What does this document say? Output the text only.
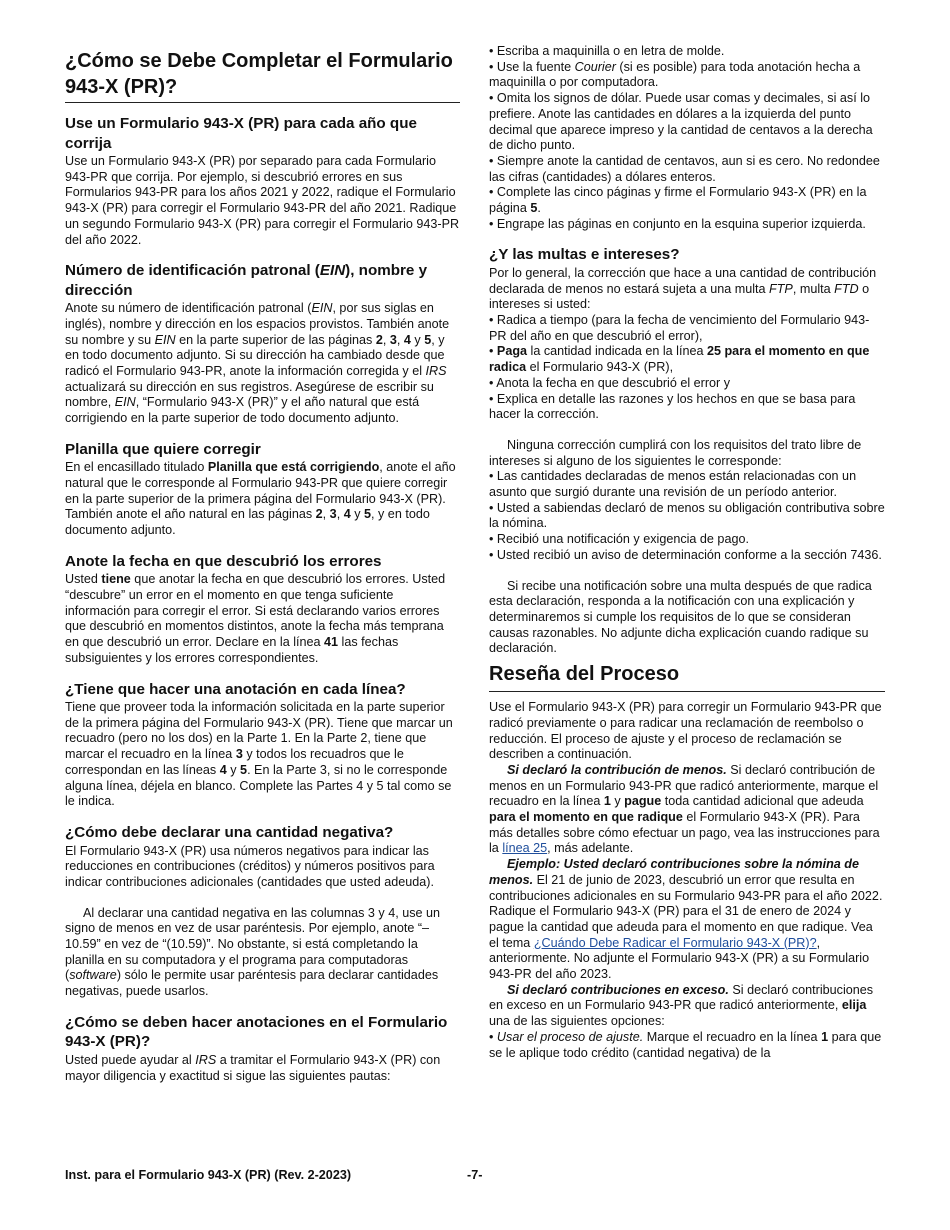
¿Cómo se Debe Completar el Formulario 943-X (PR)?
Use un Formulario 943-X (PR) para cada año que corrija

Use un Formulario 943-X (PR) por separado para cada Formulario 943-PR que corrija. Por ejemplo, si descubrió errores en sus Formularios 943-PR para los años 2021 y 2022, radique el Formulario 943-X (PR) para corregir el Formulario 943-PR del año 2021. Radique un segundo Formulario 943-X (PR) para corregir el Formulario 943-PR del año 2022.

Número de identificación patronal (EIN), nombre y dirección

Anote su número de identificación patronal (EIN, por sus siglas en inglés), nombre y dirección en los espacios provistos. También anote su nombre y su EIN en la parte superior de las páginas 2, 3, 4 y 5, y en todo documento adjunto. Si su dirección ha cambiado desde que radicó el Formulario 943-PR, anote la información corregida y el IRS actualizará su dirección en sus registros. Asegúrese de escribir su nombre, EIN, “Formulario 943-X (PR)” y el año natural que está corrigiendo en la parte superior de todo documento adjunto.

Planilla que quiere corregir

En el encasillado titulado Planilla que está corrigiendo, anote el año natural que le corresponde al Formulario 943-PR que quiere corregir en la parte superior de la primera página del Formulario 943-X (PR). También anote el año natural en las páginas 2, 3, 4 y 5, y en todo documento adjunto.

Anote la fecha en que descubrió los errores

Usted tiene que anotar la fecha en que descubrió los errores. Usted “descubre” un error en el momento en que tenga suficiente información para corregir el error. Si está declarando varios errores que descubrió en momentos distintos, anote la fecha más temprana en que descubrió un error. Declare en la línea 41 las fechas subsiguientes y los errores correspondientes.

¿Tiene que hacer una anotación en cada línea?

Tiene que proveer toda la información solicitada en la parte superior de la primera página del Formulario 943-X (PR). Tiene que marcar un recuadro (pero no los dos) en la Parte 1. En la Parte 2, tiene que marcar el recuadro en la línea 3 y todos los recuadros que le correspondan en las líneas 4 y 5. En la Parte 3, si no le corresponde alguna línea, déjela en blanco. Complete las Partes 4 y 5 tal como se le indica.

¿Cómo debe declarar una cantidad negativa?

El Formulario 943-X (PR) usa números negativos para indicar las reducciones en contribuciones (créditos) y números positivos para indicar contribuciones adicionales (cantidades que usted adeuda).

Al declarar una cantidad negativa en las columnas 3 y 4, use un signo de menos en vez de usar paréntesis. Por ejemplo, anote “–10.59” en vez de “(10.59)”. No obstante, si está completando la planilla en su computadora y el programa para computadoras (software) sólo le permite usar paréntesis para declarar cantidades negativas, puede usarlos.

¿Cómo se deben hacer anotaciones en el Formulario 943-X (PR)?

Usted puede ayudar al IRS a tramitar el Formulario 943-X (PR) con mayor diligencia y exactitud si sigue las siguientes pautas:

• Escriba a maquinilla o en letra de molde.

• Use la fuente Courier (si es posible) para toda anotación hecha a maquinilla o por computadora.

• Omita los signos de dólar. Puede usar comas y decimales, si así lo prefiere. Anote las cantidades en dólares a la izquierda del punto decimal que aparece impreso y la cantidad de centavos a la derecha de dicho punto.

• Siempre anote la cantidad de centavos, aun si es cero. No redondee las cifras (cantidades) a dólares enteros.

• Complete las cinco páginas y firme el Formulario 943-X (PR) en la página 5.

• Engrape las páginas en conjunto en la esquina superior izquierda.

¿Y las multas e intereses?

Por lo general, la corrección que hace a una cantidad de contribución declarada de menos no estará sujeta a una multa FTP, multa FTD o intereses si usted:

• Radica a tiempo (para la fecha de vencimiento del Formulario 943-PR del año en que descubrió el error),

• Paga la cantidad indicada en la línea 25 para el momento en que radica el Formulario 943-X (PR),

• Anota la fecha en que descubrió el error y

• Explica en detalle las razones y los hechos en que se basa para hacer la corrección.

Ninguna corrección cumplirá con los requisitos del trato libre de intereses si alguno de los siguientes le corresponde:

• Las cantidades declaradas de menos están relacionadas con un asunto que surgió durante una revisión de un período anterior.

• Usted a sabiendas declaró de menos su obligación contributiva sobre la nómina.

• Recibió una notificación y exigencia de pago.

• Usted recibió un aviso de determinación conforme a la sección 7436.

Si recibe una notificación sobre una multa después de que radica esta declaración, responda a la notificación con una explicación y determinaremos si cumple los requisitos de lo que se consideran causas razonables. No adjunte dicha explicación cuando radique su declaración.

Reseña del Proceso

Use el Formulario 943-X (PR) para corregir un Formulario 943-PR que radicó previamente o para radicar una reclamación de reembolso o reducción. El proceso de ajuste y el proceso de reclamación se describen a continuación.

Si declaró la contribución de menos. Si declaró contribución de menos en un Formulario 943-PR que radicó anteriormente, marque el recuadro en la línea 1 y pague toda cantidad adicional que adeuda para el momento en que radique el Formulario 943-X (PR). Para más detalles sobre cómo efectuar un pago, vea las instrucciones para la línea 25, más adelante.

Ejemplo: Usted declaró contribuciones sobre la nómina de menos. El 21 de junio de 2023, descubrió un error que resulta en contribuciones adicionales en su Formulario 943-PR para el año 2022. Radique el Formulario 943-X (PR) para el 31 de enero de 2024 y pague la cantidad que adeuda para el momento en que radique. Vea el tema ¿Cuándo Debe Radicar el Formulario 943-X (PR)?, anteriormente. No adjunte el Formulario 943-X (PR) a su Formulario 943-PR del año 2023.

Si declaró contribuciones en exceso. Si declaró contribuciones en exceso en un Formulario 943-PR que radicó anteriormente, elija una de las siguientes opciones:

• Usar el proceso de ajuste. Marque el recuadro en la línea 1 para que se le aplique todo crédito (cantidad negativa) de la

Inst. para el Formulario 943-X (PR) (Rev. 2-2023)	-7-
